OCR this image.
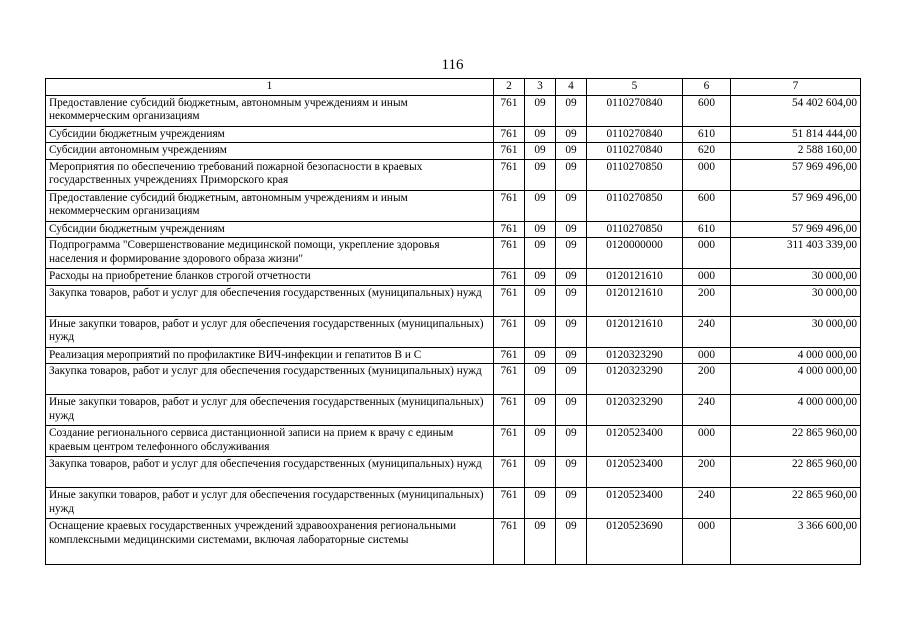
116
1	2	3	4	5	6	7
Предоставление субсидий бюджетным, автономным учреждениям и иным некоммерческим организациям	761	09	09	0110270840	600	54 402 604,00
Субсидии бюджетным учреждениям	761	09	09	0110270840	610	51 814 444,00
Субсидии автономным учреждениям	761	09	09	0110270840	620	2 588 160,00
Мероприятия по обеспечению требований пожарной безопасности в краевых государственных учреждениях Приморского края	761	09	09	0110270850	000	57 969 496,00
Предоставление субсидий бюджетным, автономным учреждениям и иным некоммерческим организациям	761	09	09	0110270850	600	57 969 496,00
Субсидии бюджетным учреждениям	761	09	09	0110270850	610	57 969 496,00
Подпрограмма "Совершенствование медицинской помощи, укрепление здоровья населения и формирование здорового образа жизни"	761	09	09	0120000000	000	311 403 339,00
Расходы на приобретение бланков строгой отчетности	761	09	09	0120121610	000	30 000,00
Закупка товаров, работ и услуг для обеспечения государственных (муниципальных) нужд	761	09	09	0120121610	200	30 000,00
Иные закупки товаров, работ и услуг для обеспечения государственных (муниципальных) нужд	761	09	09	0120121610	240	30 000,00
Реализация мероприятий по профилактике ВИЧ-инфекции и гепатитов B и C	761	09	09	0120323290	000	4 000 000,00
Закупка товаров, работ и услуг для обеспечения государственных (муниципальных) нужд	761	09	09	0120323290	200	4 000 000,00
Иные закупки товаров, работ и услуг для обеспечения государственных (муниципальных) нужд	761	09	09	0120323290	240	4 000 000,00
Создание регионального сервиса дистанционной записи на прием к врачу с единым краевым центром телефонного обслуживания	761	09	09	0120523400	000	22 865 960,00
Закупка товаров, работ и услуг для обеспечения государственных (муниципальных) нужд	761	09	09	0120523400	200	22 865 960,00
Иные закупки товаров, работ и услуг для обеспечения государственных (муниципальных) нужд	761	09	09	0120523400	240	22 865 960,00
Оснащение краевых государственных учреждений здравоохранения региональными комплексными медицинскими системами, включая лабораторные системы	761	09	09	0120523690	000	3 366 600,00
